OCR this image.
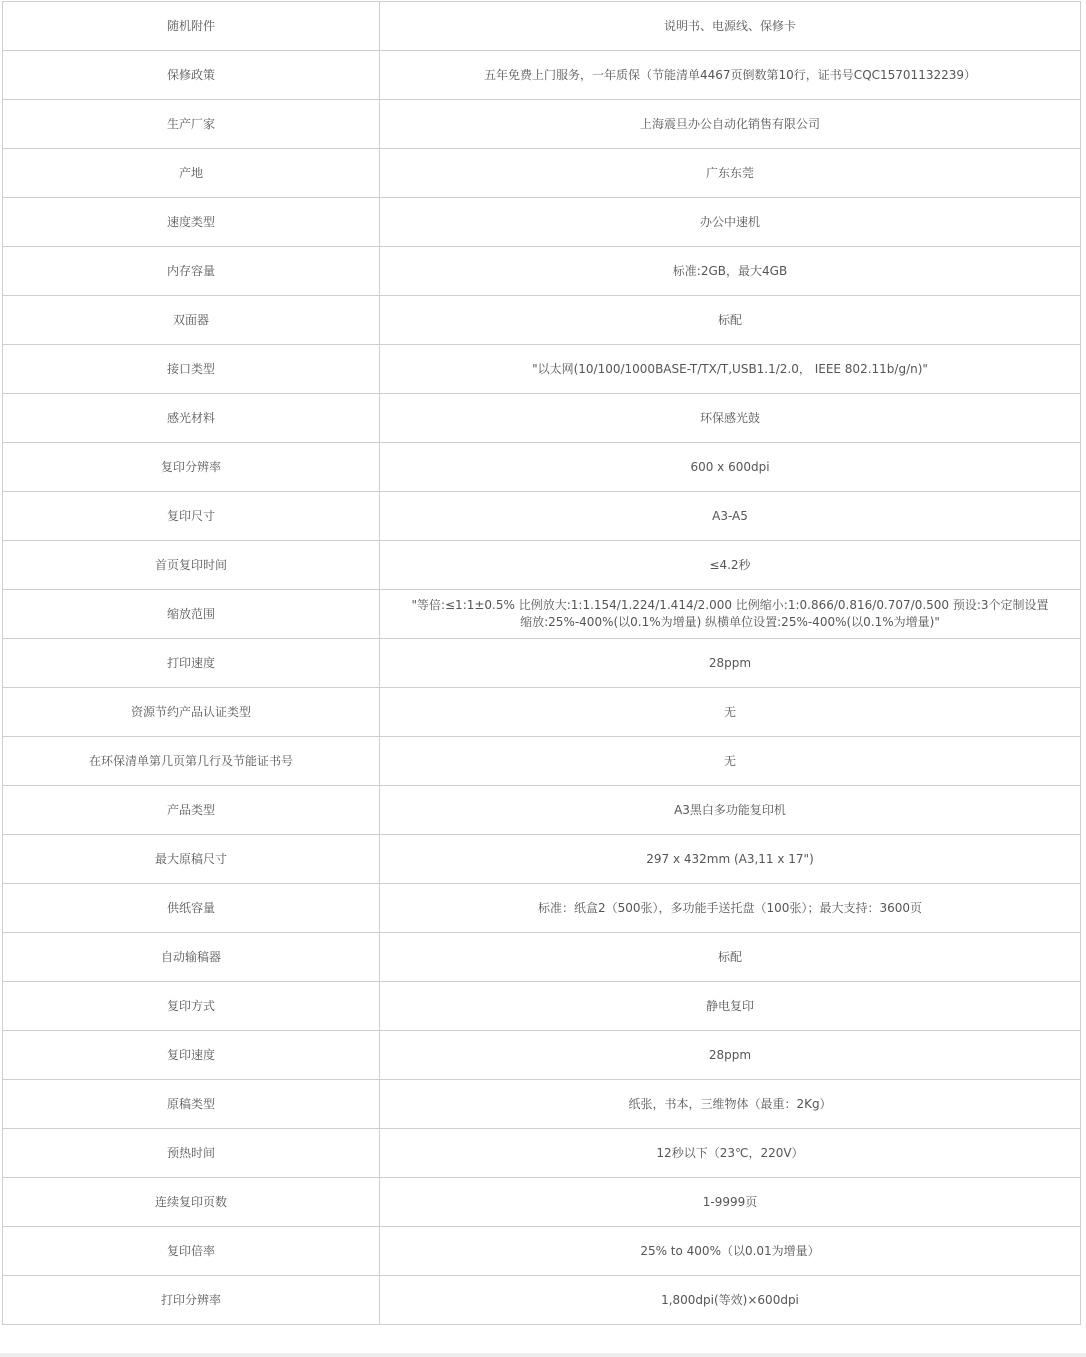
随机附件	说明书、电源线、保修卡
保修政策	五年免费上门服务，一年质保（节能清单4467页倒数第10行，证书号CQC15701132239）
生产厂家	上海震旦办公自动化销售有限公司
产地	广东东莞
速度类型	办公中速机
内存容量	标准:2GB，最大4GB
双面器	标配
接口类型	"以太网(10/100/1000BASE-T/TX/T,USB1.1/2.0， IEEE 802.11b/g/n)"
感光材料	环保感光鼓
复印分辨率	600 x 600dpi
复印尺寸	A3-A5
首页复印时间	≤4.2秒
缩放范围	"等倍:≤1:1±0.5% 比例放大:1:1.154/1.224/1.414/2.000 比例缩小:1:0.866/0.816/0.707/0.500 预设:3个定制设置 缩放:25%-400%(以0.1%为增量) 纵横单位设置:25%-400%(以0.1%为增量)"
打印速度	28ppm
资源节约产品认证类型	无
在环保清单第几页第几行及节能证书号	无
产品类型	A3黑白多功能复印机
最大原稿尺寸	297 x 432mm (A3,11 x 17")
供纸容量	标准：纸盒2（500张），多功能手送托盘（100张）；最大支持：3600页
自动输稿器	标配
复印方式	静电复印
复印速度	28ppm
原稿类型	纸张，书本，三维物体（最重：2Kg）
预热时间	12秒以下（23℃，220V）
连续复印页数	1-9999页
复印倍率	25% to 400%（以0.01为增量）
打印分辨率	1,800dpi(等效)×600dpi
